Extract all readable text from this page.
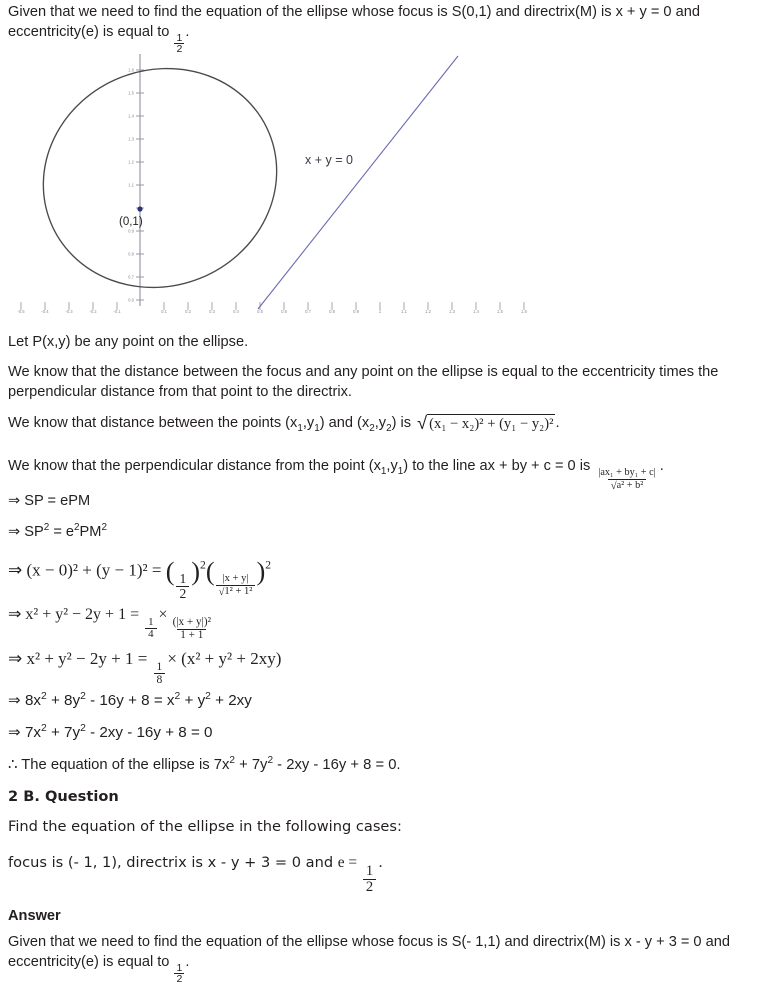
Given that we need to find the equation of the ellipse whose focus is S(0,1) and directrix(M) is x + y = 0 and eccentricity(e) is equal to
$\frac{1}{2}$
.
1.6
1.5
1.4
1.3
1.2
1.1
0.9
0.8
0.7
0.6
-0.5	-0.4	-0.3	-0.2	-0.1	0.1	0.2	0.3	0.4	0.5	0.6	0.7	0.8	0.9	1	1.1	1.2	1.3	1.4	1.5	1.6
(0,1)
x + y = 0
Let P(x,y) be any point on the ellipse.
We know that the distance between the focus and any point on the ellipse is equal to the eccentricity times the perpendicular distance from that point to the directrix.
We know that distance between the points $(x_1,y_1)$ and $(x_2,y_2)$ is √ (x₁ − x₂)² + (y₁ − y₂)² .
We know that the perpendicular distance from the point $(x_1,y_1)$ to the line ax + by + c = 0 is
$\frac{\text{|ax₁ + by₁ + c|}}{\text{√a² + b²}}$
.
⇒ SP = ePM
⇒ $SP^2 = e^2PM^2$
⇒ (x − 0)² + (y − 1)² = (
$\frac{1}{2}$
)$^2( \frac{|x + y|}{\text{√1² + 1²}} )^2$
⇒ x² + y² − 2y + 1 =
$\frac{1}{4}$
×
$\frac{\text{(|x + y|)²}}{1 + 1}$
⇒ x² + y² − 2y + 1 =
$\frac{1}{8}$
× (x² + y² + 2xy)
⇒ $8x^2 + 8y^2 - 16y + 8 = x^2 + y^2 + 2xy$
⇒ $7x^2 + 7y^2 - 2xy - 16y + 8 = 0$
∴ The equation of the ellipse is $7x^2 + 7y^2 - 2xy - 16y + 8 = 0$.
2 B. Question
Find the equation of the ellipse in the following cases:
focus is (- 1, 1), directrix is x - y + 3 = 0 and e =
$\frac{1}{2}$
.
Answer
Given that we need to find the equation of the ellipse whose focus is S(- 1,1) and directrix(M) is x - y + 3 = 0 and eccentricity(e) is equal to
$\frac{1}{2}$
.
